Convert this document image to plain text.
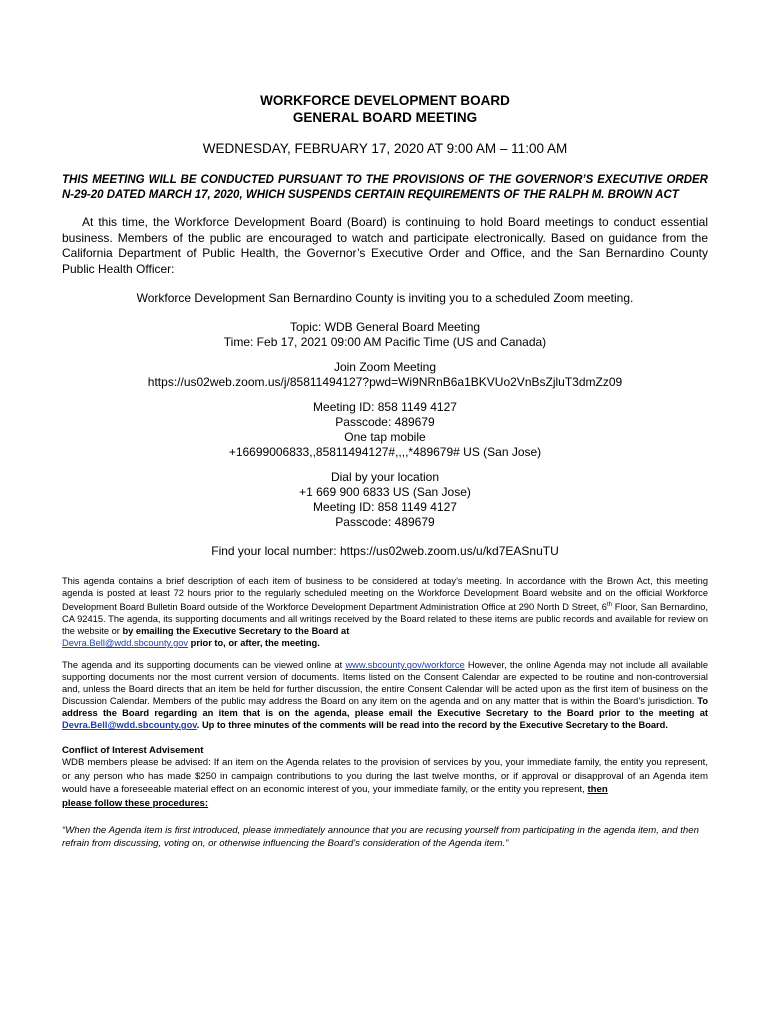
WORKFORCE DEVELOPMENT BOARD
GENERAL BOARD MEETING
WEDNESDAY, FEBRUARY 17, 2020 AT 9:00 AM – 11:00 AM
THIS MEETING WILL BE CONDUCTED PURSUANT TO THE PROVISIONS OF THE GOVERNOR’S EXECUTIVE ORDER N-29-20 DATED MARCH 17, 2020, WHICH SUSPENDS CERTAIN REQUIREMENTS OF THE RALPH M. BROWN ACT
At this time, the Workforce Development Board (Board) is continuing to hold Board meetings to conduct essential business. Members of the public are encouraged to watch and participate electronically. Based on guidance from the California Department of Public Health, the Governor’s Executive Order and Office, and the San Bernardino County Public Health Officer:

Workforce Development San Bernardino County is inviting you to a scheduled Zoom meeting.

Topic: WDB General Board Meeting

Time: Feb 17, 2021 09:00 AM Pacific Time (US and Canada)

Join Zoom Meeting

https://us02web.zoom.us/j/85811494127?pwd=Wi9NRnB6a1BKVUo2VnBsZjluT3dmZz09

Meeting ID: 858 1149 4127

Passcode: 489679

One tap mobile

+16699006833,,85811494127#,,,,*489679# US (San Jose)

Dial by your location

+1 669 900 6833 US (San Jose)

Meeting ID: 858 1149 4127

Passcode: 489679

Find your local number: https://us02web.zoom.us/u/kd7EASnuTU

This agenda contains a brief description of each item of business to be considered at today’s meeting. In accordance with the Brown Act, this meeting agenda is posted at least 72 hours prior to the regularly scheduled meeting on the Workforce Development Board website and on the official Workforce Development Board Bulletin Board outside of the Workforce Development Department Administration Office at 290 North D Street, 6th Floor, San Bernardino, CA 92415. The agenda, its supporting documents and all writings received by the Board related to these items are public records and available for review on the website or by emailing the Executive Secretary to the Board at
Devra.Bell@wdd.sbcounty.gov prior to, or after, the meeting.
The agenda and its supporting documents can be viewed online at www.sbcounty.gov/workforce However, the online Agenda may not include all available supporting documents nor the most current version of documents. Items listed on the Consent Calendar are expected to be routine and non-controversial and, unless the Board directs that an item be held for further discussion, the entire Consent Calendar will be acted upon as the first item of business on the Discussion Calendar. Members of the public may address the Board on any item on the agenda and on any matter that is within the Board’s jurisdiction. To address the Board regarding an item that is on the agenda, please email the Executive Secretary to the Board prior to the meeting at Devra.Bell@wdd.sbcounty.gov. Up to three minutes of the comments will be read into the record by the Executive Secretary to the Board.
Conflict of Interest Advisement
WDB members please be advised: If an item on the Agenda relates to the provision of services by you, your immediate family, the entity you represent, or any person who has made $250 in campaign contributions to you during the last twelve months, or if approval or disapproval of an Agenda item would have a foreseeable material effect on an economic interest of you, your immediate family, or the entity you represent, then
please follow these procedures:
“When the Agenda item is first introduced, please immediately announce that you are recusing yourself from participating in the agenda item, and then refrain from discussing, voting on, or otherwise influencing the Board’s consideration of the Agenda item.”
